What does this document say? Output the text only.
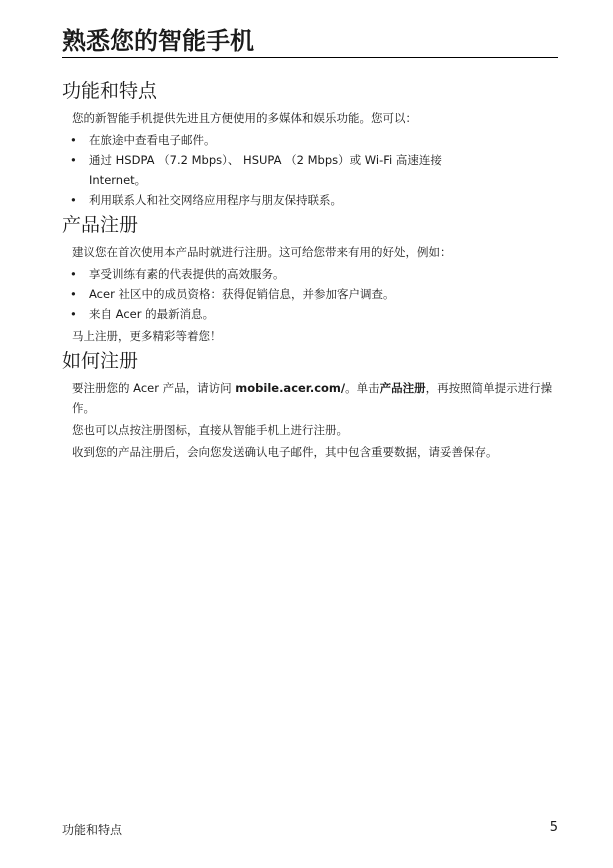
熟悉您的智能手机
功能和特点

您的新智能手机提供先进且方便使用的多媒体和娱乐功能。您可以：

• 在旅途中查看电子邮件。
• 通过 HSDPA （7.2 Mbps）、 HSUPA （2 Mbps）或 Wi-Fi 高速连接 Internet。
• 利用联系人和社交网络应用程序与朋友保持联系。
产品注册

建议您在首次使用本产品时就进行注册。这可给您带来有用的好处，例如：

• 享受训练有素的代表提供的高效服务。
• Acer 社区中的成员资格：获得促销信息，并参加客户调查。
• 来自 Acer 的最新消息。

马上注册，更多精彩等着您！

如何注册

要注册您的 Acer 产品，请访问 mobile.acer.com/。单击产品注册，再按照简单提示进行操作。

您也可以点按注册图标，直接从智能手机上进行注册。

收到您的产品注册后，会向您发送确认电子邮件，其中包含重要数据，请妥善保存。

功能和特点	5
